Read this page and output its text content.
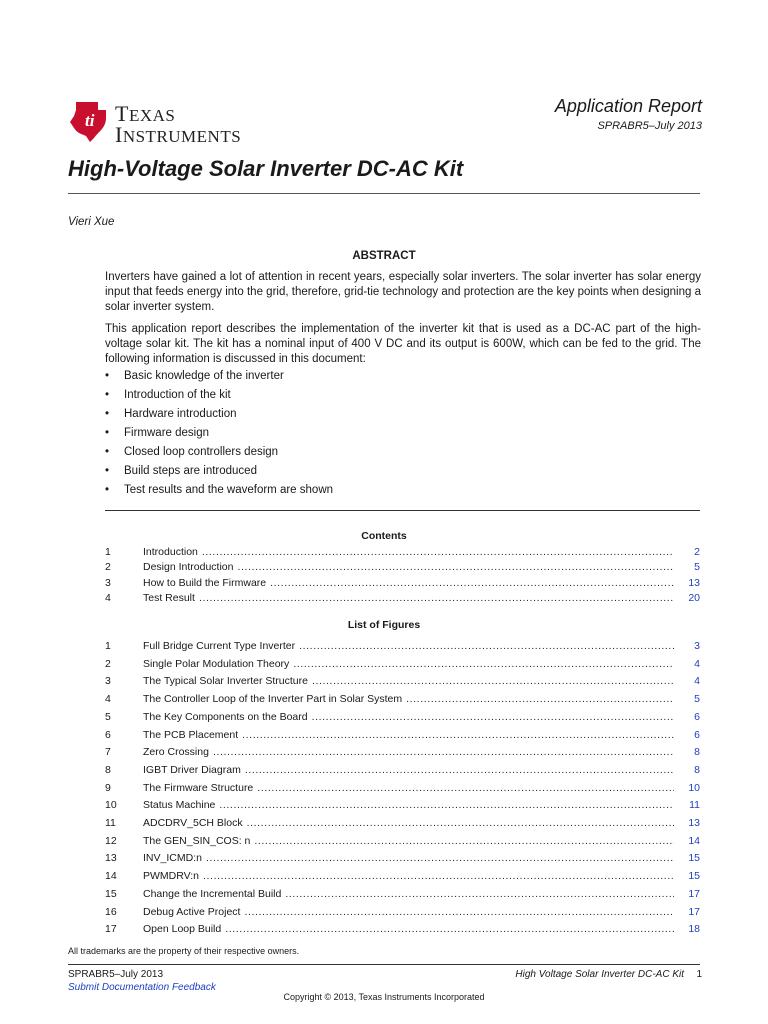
ti TEXAS
INSTRUMENTS
Application Report
SPRABR5–July 2013
High-Voltage Solar Inverter DC-AC Kit
Vieri Xue
ABSTRACT
Inverters have gained a lot of attention in recent years, especially solar inverters. The solar inverter has solar energy input that feeds energy into the grid, therefore, grid-tie technology and protection are the key points when designing a solar inverter system.
This application report describes the implementation of the inverter kit that is used as a DC-AC part of the high-voltage solar kit. The kit has a nominal input of 400 V DC and its output is 600W, which can be fed to the grid. The following information is discussed in this document:
• Basic knowledge of the inverter
• Introduction of the kit
• Hardware introduction
• Firmware design
• Closed loop controllers design
• Build steps are introduced
• Test results and the waveform are shown
Contents
1	Introduction .....	2
2	Design Introduction .....	5
3	How to Build the Firmware .....	13
4	Test Result .....	20
List of Figures
1	Full Bridge Current Type Inverter .....	3
2	Single Polar Modulation Theory .....	4
3	The Typical Solar Inverter Structure .....	4
4	The Controller Loop of the Inverter Part in Solar System .....	5
5	The Key Components on the Board .....	6
6	The PCB Placement .....	6
7	Zero Crossing .....	8
8	IGBT Driver Diagram .....	8
9	The Firmware Structure .....	10
10	Status Machine .....	11
11	ADCDRV_5CH Block .....	13
12	The GEN_SIN_COS: n .....	14
13	INV_ICMD:n .....	15
14	PWMDRV:n .....	15
15	Change the Incremental Build .....	17
16	Debug Active Project .....	17
17	Open Loop Build .....	18
All trademarks are the property of their respective owners.
SPRABR5–July 2013	High Voltage Solar Inverter DC-AC Kit 1
Submit Documentation Feedback
Copyright © 2013, Texas Instruments Incorporated
